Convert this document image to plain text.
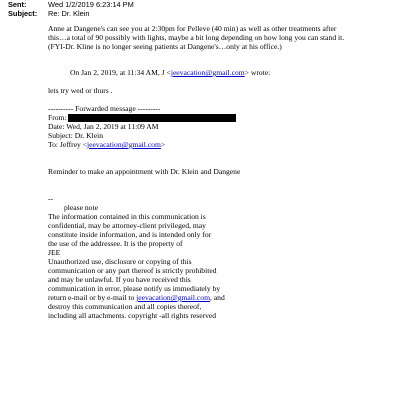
Sent:	Wed 1/2/2019 6:23:14 PM
Subject: Re: Dr. Klein
Anne at Dangene's can see you at 2:30pm for Pelleve (40 min) as well as other treatments after
this…a total of 90 possibly with lights, maybe a bit long depending on how long you can stand it.
(FYI-Dr. Kline is no longer seeing patients at Dangene's…only at his office.)
On Jan 2, 2019, at 11:34 AM, J <jeevacation@gmail.com> wrote:
lets try wed or thurs .
---------- Forwarded message ---------
From:
Date: Wed, Jan 2, 2019 at 11:09 AM
Subject: Dr. Klein
To: Jeffrey <jeevacation@gmail.com>
Reminder to make an appointment with Dr. Klein and Dangene
--
please note
The information contained in this communication is
confidential, may be attorney-client privileged, may
constitute inside information, and is intended only for
the use of the addressee. It is the property of
JEE
Unauthorized use, disclosure or copying of this
communication or any part thereof is strictly prohibited
and may be unlawful. If you have received this
communication in error, please notify us immediately by
return e-mail or by e-mail to jeevacation@gmail.com, and
destroy this communication and all copies thereof,
including all attachments. copyright -all rights reserved
